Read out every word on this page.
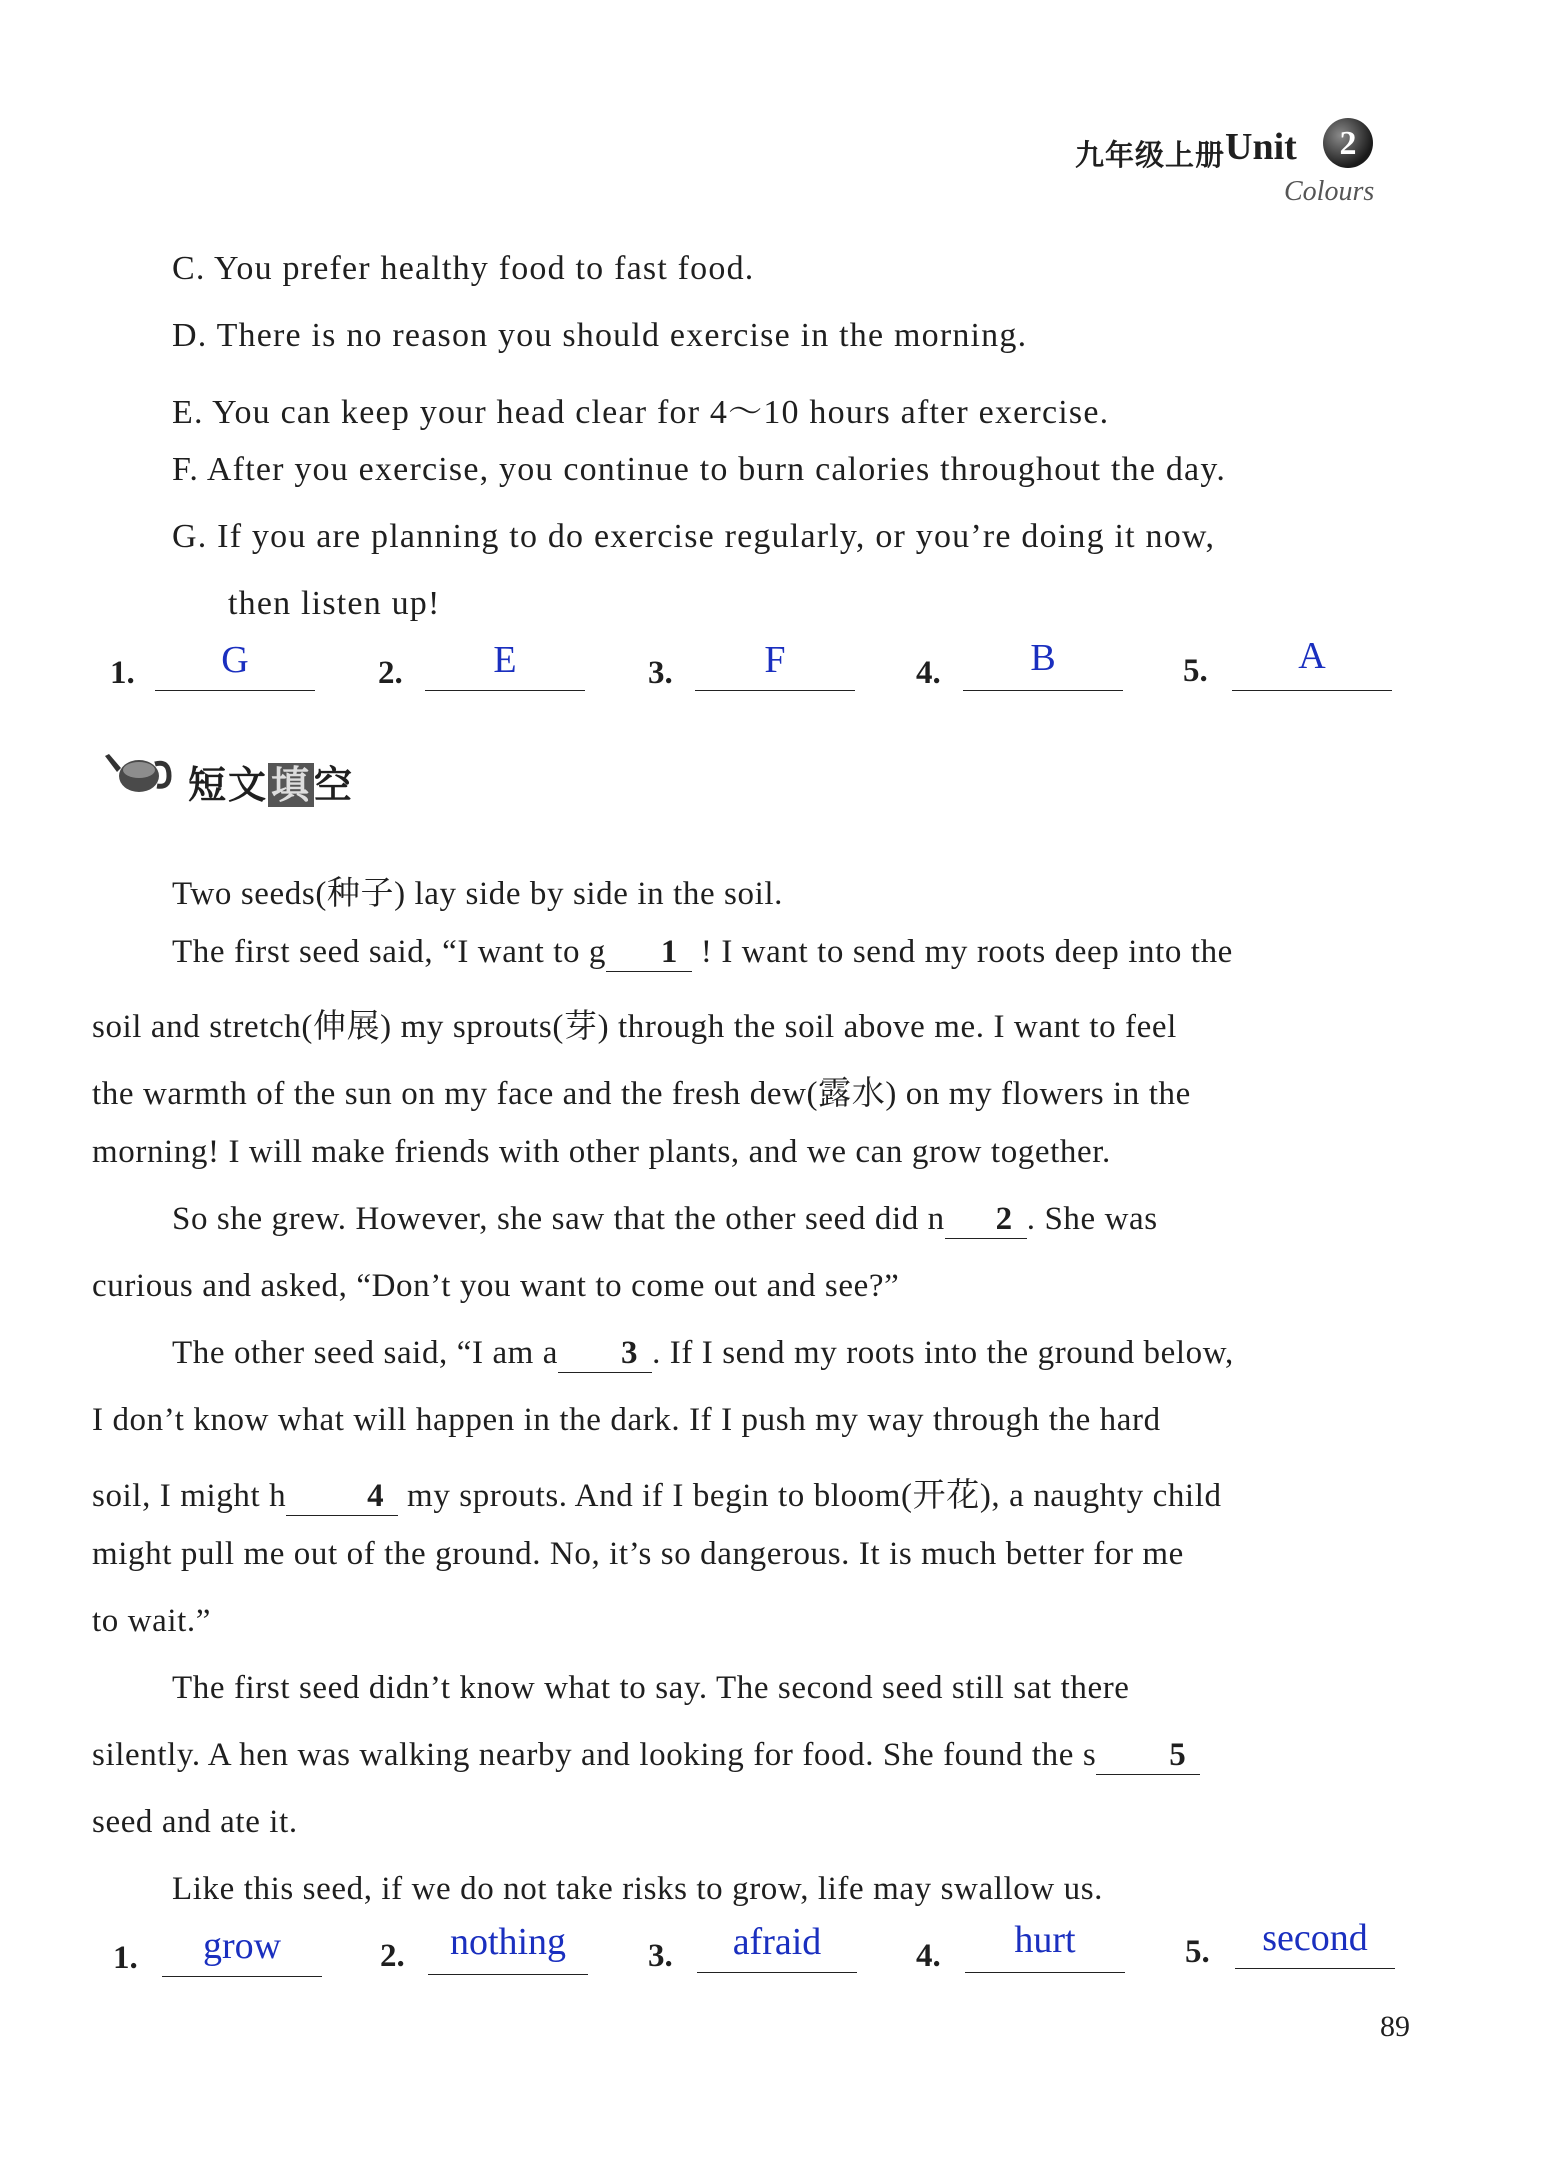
九年级上册 Unit	2
Colours
C. You prefer healthy food to fast food.
D. There is no reason you should exercise in the morning.
E. You can keep your head clear for 4～10 hours after exercise.
F. After you exercise, you continue to burn calories throughout the day.
G. If you are planning to do exercise regularly, or you’re doing it now,
then listen up!
1.	G	2.	E	3.	F	4.	B	5.	A
短文填空
Two seeds(种子) lay side by side in the soil.
The first seed said, “I want to g 1 ! I want to send my roots deep into the
soil and stretch(伸展) my sprouts(芽) through the soil above me. I want to feel
the warmth of the sun on my face and the fresh dew(露水) on my flowers in the
morning! I will make friends with other plants, and we can grow together.
So she grew. However, she saw that the other seed did n 2 . She was
curious and asked, “Don’t you want to come out and see?”
The other seed said, “I am a 3 . If I send my roots into the ground below,
I don’t know what will happen in the dark. If I push my way through the hard
soil, I might h 4 my sprouts. And if I begin to bloom(开花), a naughty child
might pull me out of the ground. No, it’s so dangerous. It is much better for me
to wait.”
The first seed didn’t know what to say. The second seed still sat there
silently. A hen was walking nearby and looking for food. She found the s 5
seed and ate it.
Like this seed, if we do not take risks to grow, life may swallow us.
1.	grow	2.	nothing	3.	afraid	4.	hurt	5.	second
89
